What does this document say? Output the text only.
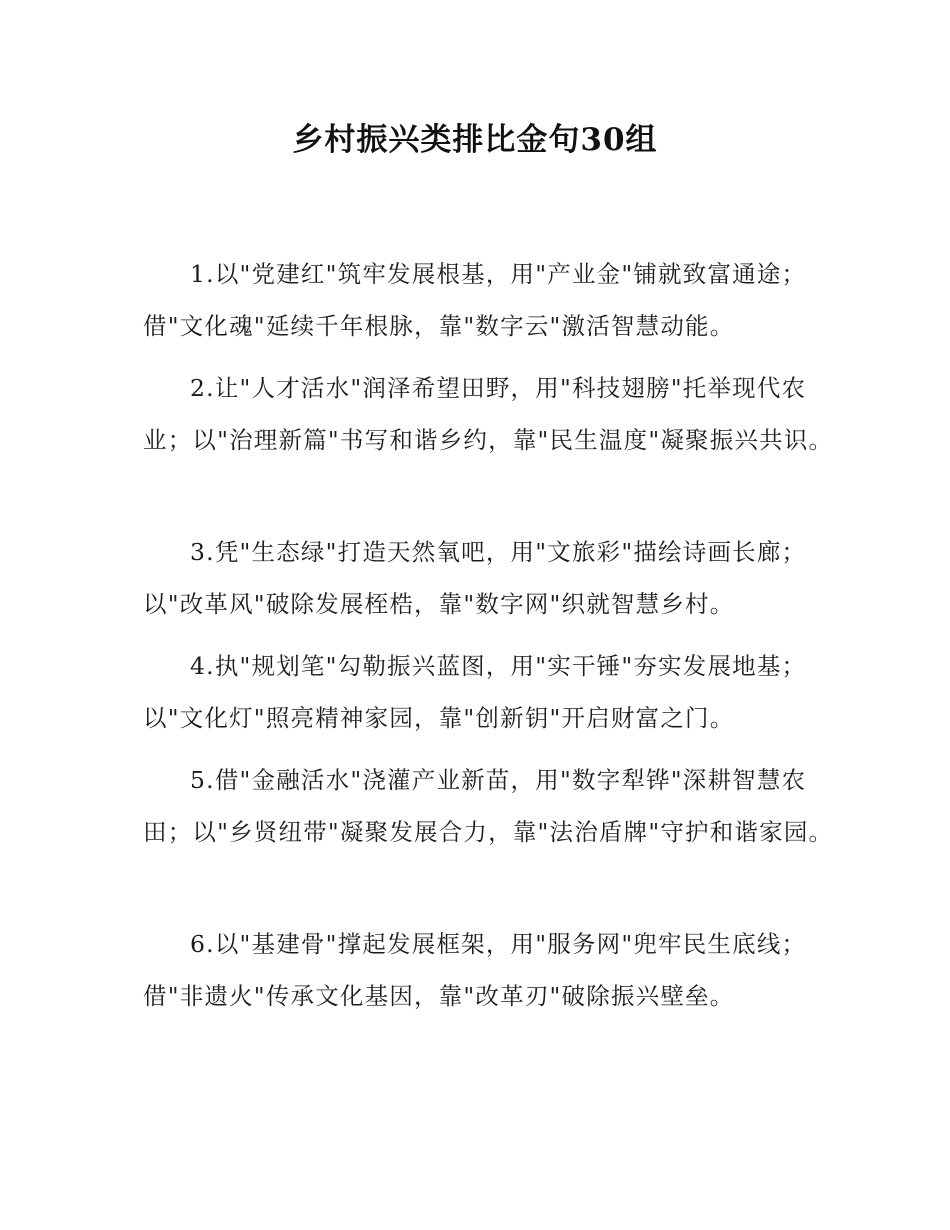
乡村振兴类排比金句30组
1.以"党建红"筑牢发展根基，用"产业金"铺就致富通途；
借"文化魂"延续千年根脉，靠"数字云"激活智慧动能。
2.让"人才活水"润泽希望田野，用"科技翅膀"托举现代农
业；以"治理新篇"书写和谐乡约，靠"民生温度"凝聚振兴共识。
3.凭"生态绿"打造天然氧吧，用"文旅彩"描绘诗画长廊；
以"改革风"破除发展桎梏，靠"数字网"织就智慧乡村。
4.执"规划笔"勾勒振兴蓝图，用"实干锤"夯实发展地基；
以"文化灯"照亮精神家园，靠"创新钥"开启财富之门。
5.借"金融活水"浇灌产业新苗，用"数字犁铧"深耕智慧农
田；以"乡贤纽带"凝聚发展合力，靠"法治盾牌"守护和谐家园。
6.以"基建骨"撑起发展框架，用"服务网"兜牢民生底线；
借"非遗火"传承文化基因，靠"改革刃"破除振兴壁垒。
